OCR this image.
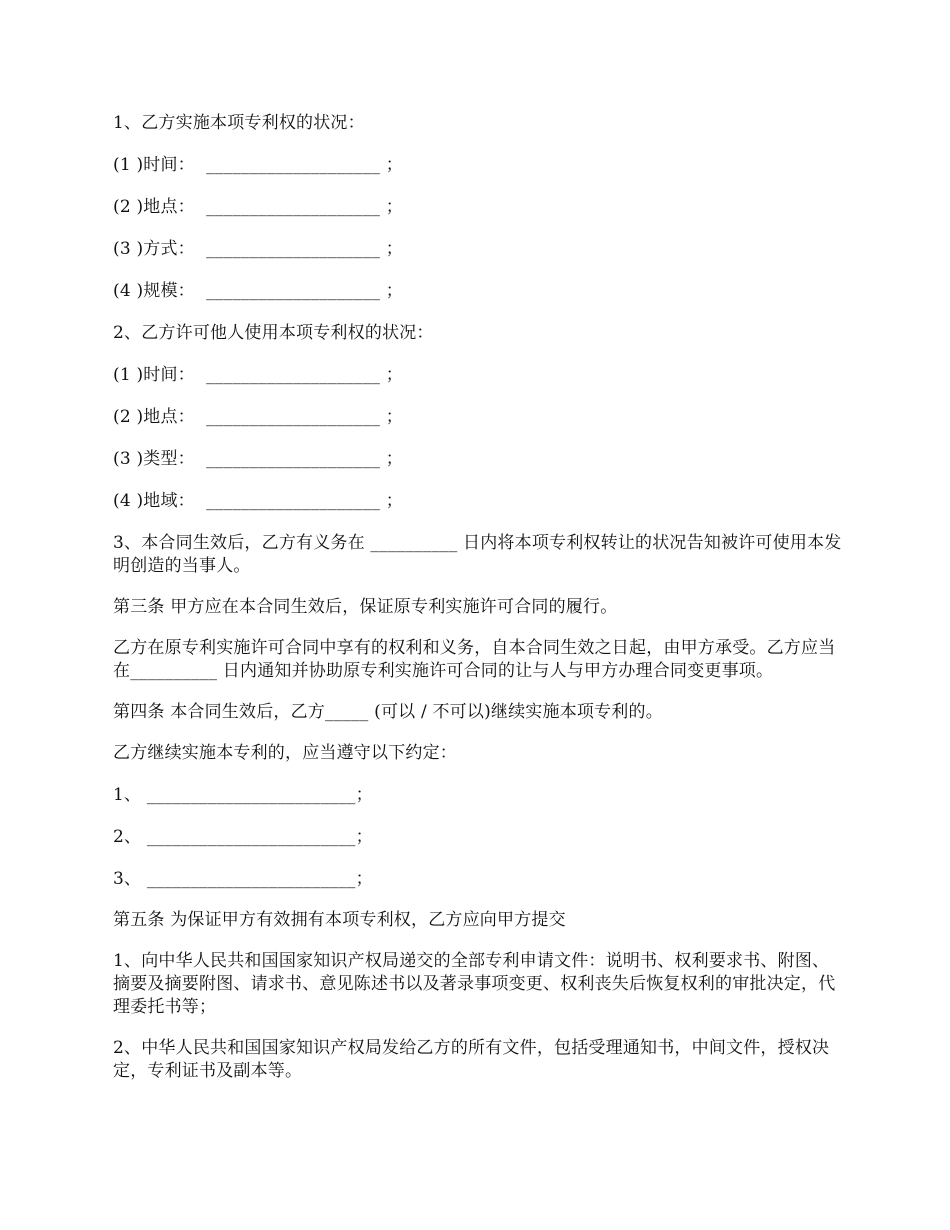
1、乙方实施本项专利权的状况：

(1 )时间：  ____________________ ；

(2 )地点：  ____________________ ；

(3 )方式：  ____________________ ；

(4 )规模：  ____________________ ；

2、乙方许可他人使用本项专利权的状况：

(1 )时间：  ____________________ ；

(2 )地点：  ____________________ ；

(3 )类型：  ____________________ ；

(4 )地域：  ____________________ ；

3、本合同生效后，乙方有义务在 __________ 日内将本项专利权转让的状况告知被许可使用本发明创造的当事人。

第三条 甲方应在本合同生效后，保证原专利实施许可合同的履行。

乙方在原专利实施许可合同中享有的权利和义务，自本合同生效之日起，由甲方承受。乙方应当在__________ 日内通知并协助原专利实施许可合同的让与人与甲方办理合同变更事项。

第四条 本合同生效后，乙方_____ (可以 / 不可以)继续实施本项专利的。

乙方继续实施本专利的，应当遵守以下约定：

1、 ________________________；

2、 ________________________；

3、 ________________________；

第五条 为保证甲方有效拥有本项专利权，乙方应向甲方提交

1、向中华人民共和国国家知识产权局递交的全部专利申请文件：说明书、权利要求书、附图、摘要及摘要附图、请求书、意见陈述书以及著录事项变更、权利丧失后恢复权利的审批决定，代理委托书等；

2、中华人民共和国国家知识产权局发给乙方的所有文件，包括受理通知书，中间文件，授权决定，专利证书及副本等。
